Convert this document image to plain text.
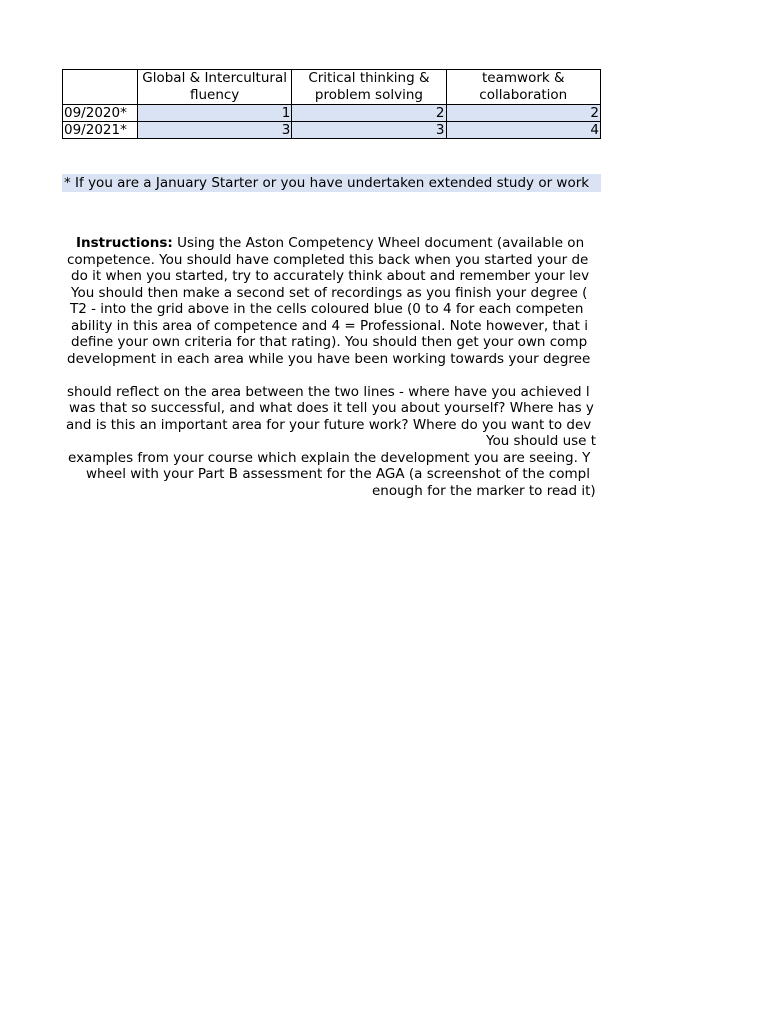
	Global & Intercultural fluency	Critical thinking & problem solving	teamwork & collaboration
09/2020*	1	2	2
09/2021*	3	3	4
* If you are a January Starter or you have undertaken extended study or work
Instructions: Using the Aston Competency Wheel document (available on
competence. You should have completed this back when you started your de
do it when you started, try to accurately think about and remember your lev
You should then make a second set of recordings as you finish your degree (
T2 - into the grid above in the cells coloured blue (0 to 4 for each competen
ability in this area of competence and 4 = Professional. Note however, that i
define your own criteria for that rating). You should then get your own comp
development in each area while you have been working towards your degree
should reflect on the area between the two lines - where have you achieved l
was that so successful, and what does it tell you about yourself? Where has y
and is this an important area for your future work? Where do you want to dev
You should use t
examples from your course which explain the development you are seeing. Y
wheel with your Part B assessment for the AGA (a screenshot of the compl
enough for the marker to read it)
